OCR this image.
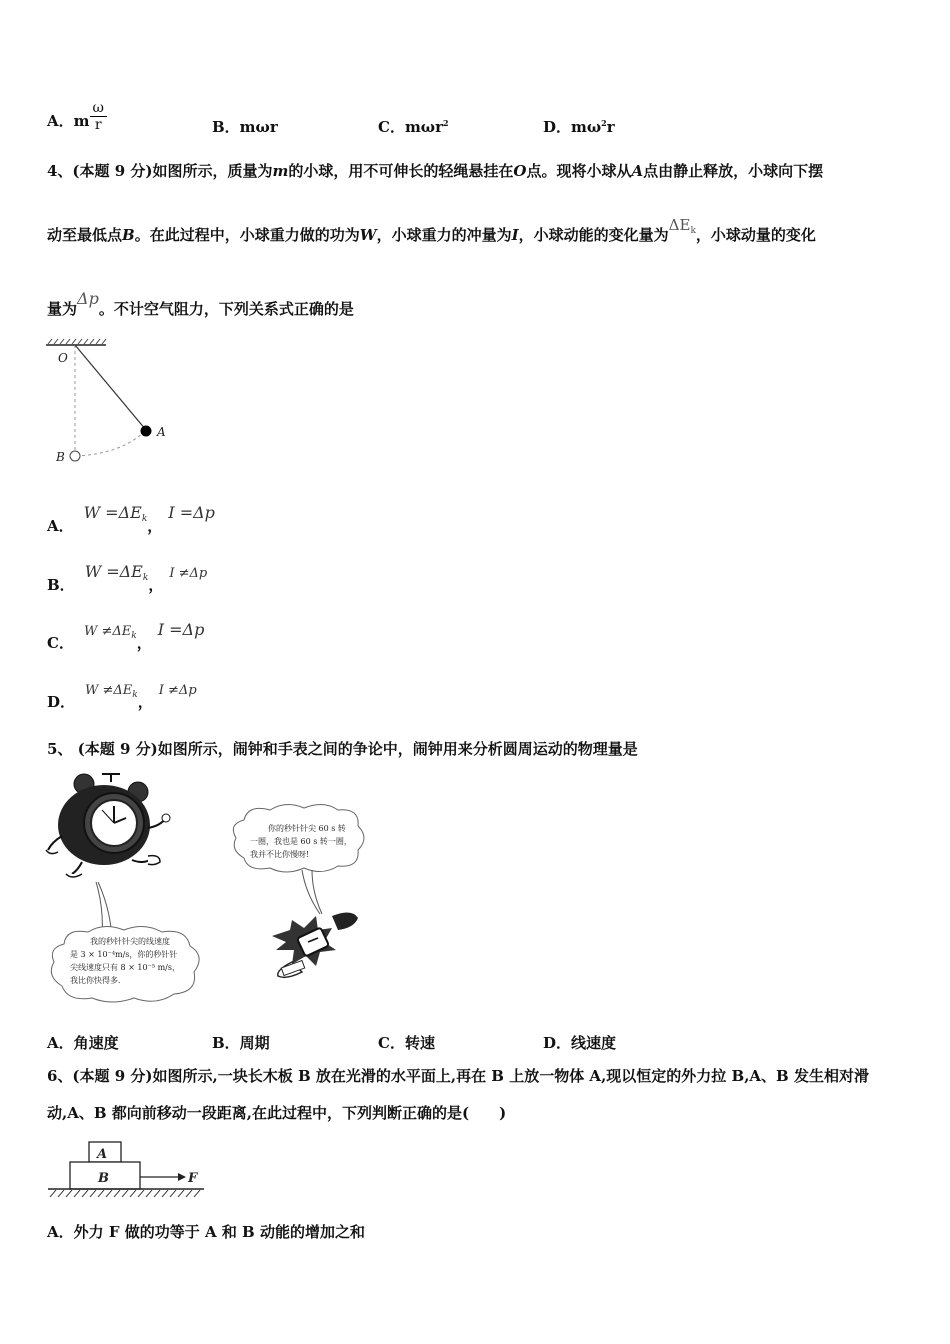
A．m $\frac{\omega}{r}$	B．mωr	C．mωr$^2$	D．$m\omega^2r$
4、(本题 9 分)如图所示，质量为m的小球，用不可伸长的轻绳悬挂在O点。现将小球从A点由静止释放，小球向下摆
动至最低点B。在此过程中，小球重力做的功为W，小球重力的冲量为I，小球动能的变化量为$\Delta E_k$，小球动量的变化
量为Δp。不计空气阻力，下列关系式正确的是
O
A
B
A．$W =\Delta E_k$，I =Δp
B．$W =\Delta E_k$，I ≠Δp
C．$W \ne\Delta E_k$，I =Δp
D．$W \ne\Delta E_k$，I ≠Δp
5、 (本题 9 分)如图所示，闹钟和手表之间的争论中，闹钟用来分析圆周运动的物理量是
我的秒针针尖的线速度
是 3 × 10⁻⁴m/s，你的秒针针
尖线速度只有 8 × 10⁻⁵ m/s，
我比你快得多.
你的秒针针尖 60 s 转
一圈，我也是 60 s 转一圈，
我并不比你慢呀!
A．角速度	B．周期	C．转速	D．线速度
6、(本题 9 分)如图所示,一块长木板 B 放在光滑的水平面上,再在 B 上放一物体 A,现以恒定的外力拉 B,A、B 发生相对滑
动,A、B 都向前移动一段距离,在此过程中，下列判断正确的是(　　)
A
B	F
A．外力 F 做的功等于 A 和 B 动能的增加之和
